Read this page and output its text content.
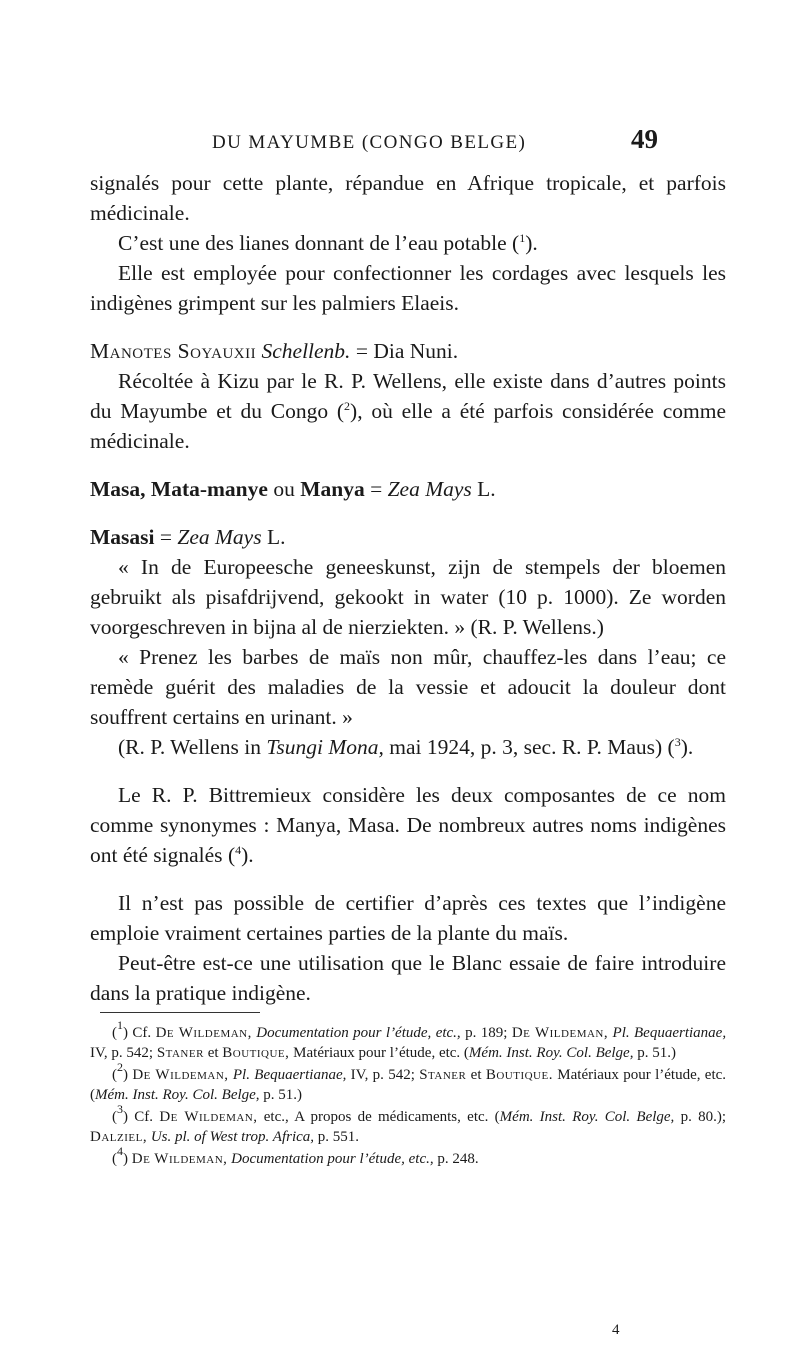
DU MAYUMBE (CONGO BELGE)	49

signalés pour cette plante, répandue en Afrique tropicale, et parfois médicinale.

C’est une des lianes donnant de l’eau potable ($^1$).

Elle est employée pour confectionner les cordages avec lesquels les indigènes grimpent sur les palmiers Elaeis.

Manotes Soyauxii Schellenb. = Dia Nuni.

Récoltée à Kizu par le R. P. Wellens, elle existe dans d’autres points du Mayumbe et du Congo ($^2$), où elle a été parfois considérée comme médicinale.

Masa, Mata-manye ou Manya = Zea Mays L.

Masasi = Zea Mays L.

« In de Europeesche geneeskunst, zijn de stempels der bloemen gebruikt als pisafdrijvend, gekookt in water (10 p. 1000). Ze worden voorgeschreven in bijna al de nierziekten. » (R. P. Wellens.)

« Prenez les barbes de maïs non mûr, chauffez-les dans l’eau; ce remède guérit des maladies de la vessie et adoucit la douleur dont souffrent certains en urinant. »

(R. P. Wellens in Tsungi Mona, mai 1924, p. 3, sec. R. P. Maus) ($^3$).

Le R. P. Bittremieux considère les deux composantes de ce nom comme synonymes : Manya, Masa. De nombreux autres noms indigènes ont été signalés ($^4$).

Il n’est pas possible de certifier d’après ces textes que l’indigène emploie vraiment certaines parties de la plante du maïs.

Peut-être est-ce une utilisation que le Blanc essaie de faire introduire dans la pratique indigène.

($^1$) Cf. De Wildeman, Documentation pour l’étude, etc., p. 189; De Wildeman, Pl. Bequaertianae, IV, p. 542; Staner et Boutique, Matériaux pour l’étude, etc. (Mém. Inst. Roy. Col. Belge, p. 51.)

($^2$) De Wildeman, Pl. Bequaertianae, IV, p. 542; Staner et Boutique. Matériaux pour l’étude, etc. (Mém. Inst. Roy. Col. Belge, p. 51.)

($^3$) Cf. De Wildeman, etc., A propos de médicaments, etc. (Mém. Inst. Roy. Col. Belge, p. 80.); Dalziel, Us. pl. of West trop. Africa, p. 551.

($^4$) De Wildeman, Documentation pour l’étude, etc., p. 248.

4
